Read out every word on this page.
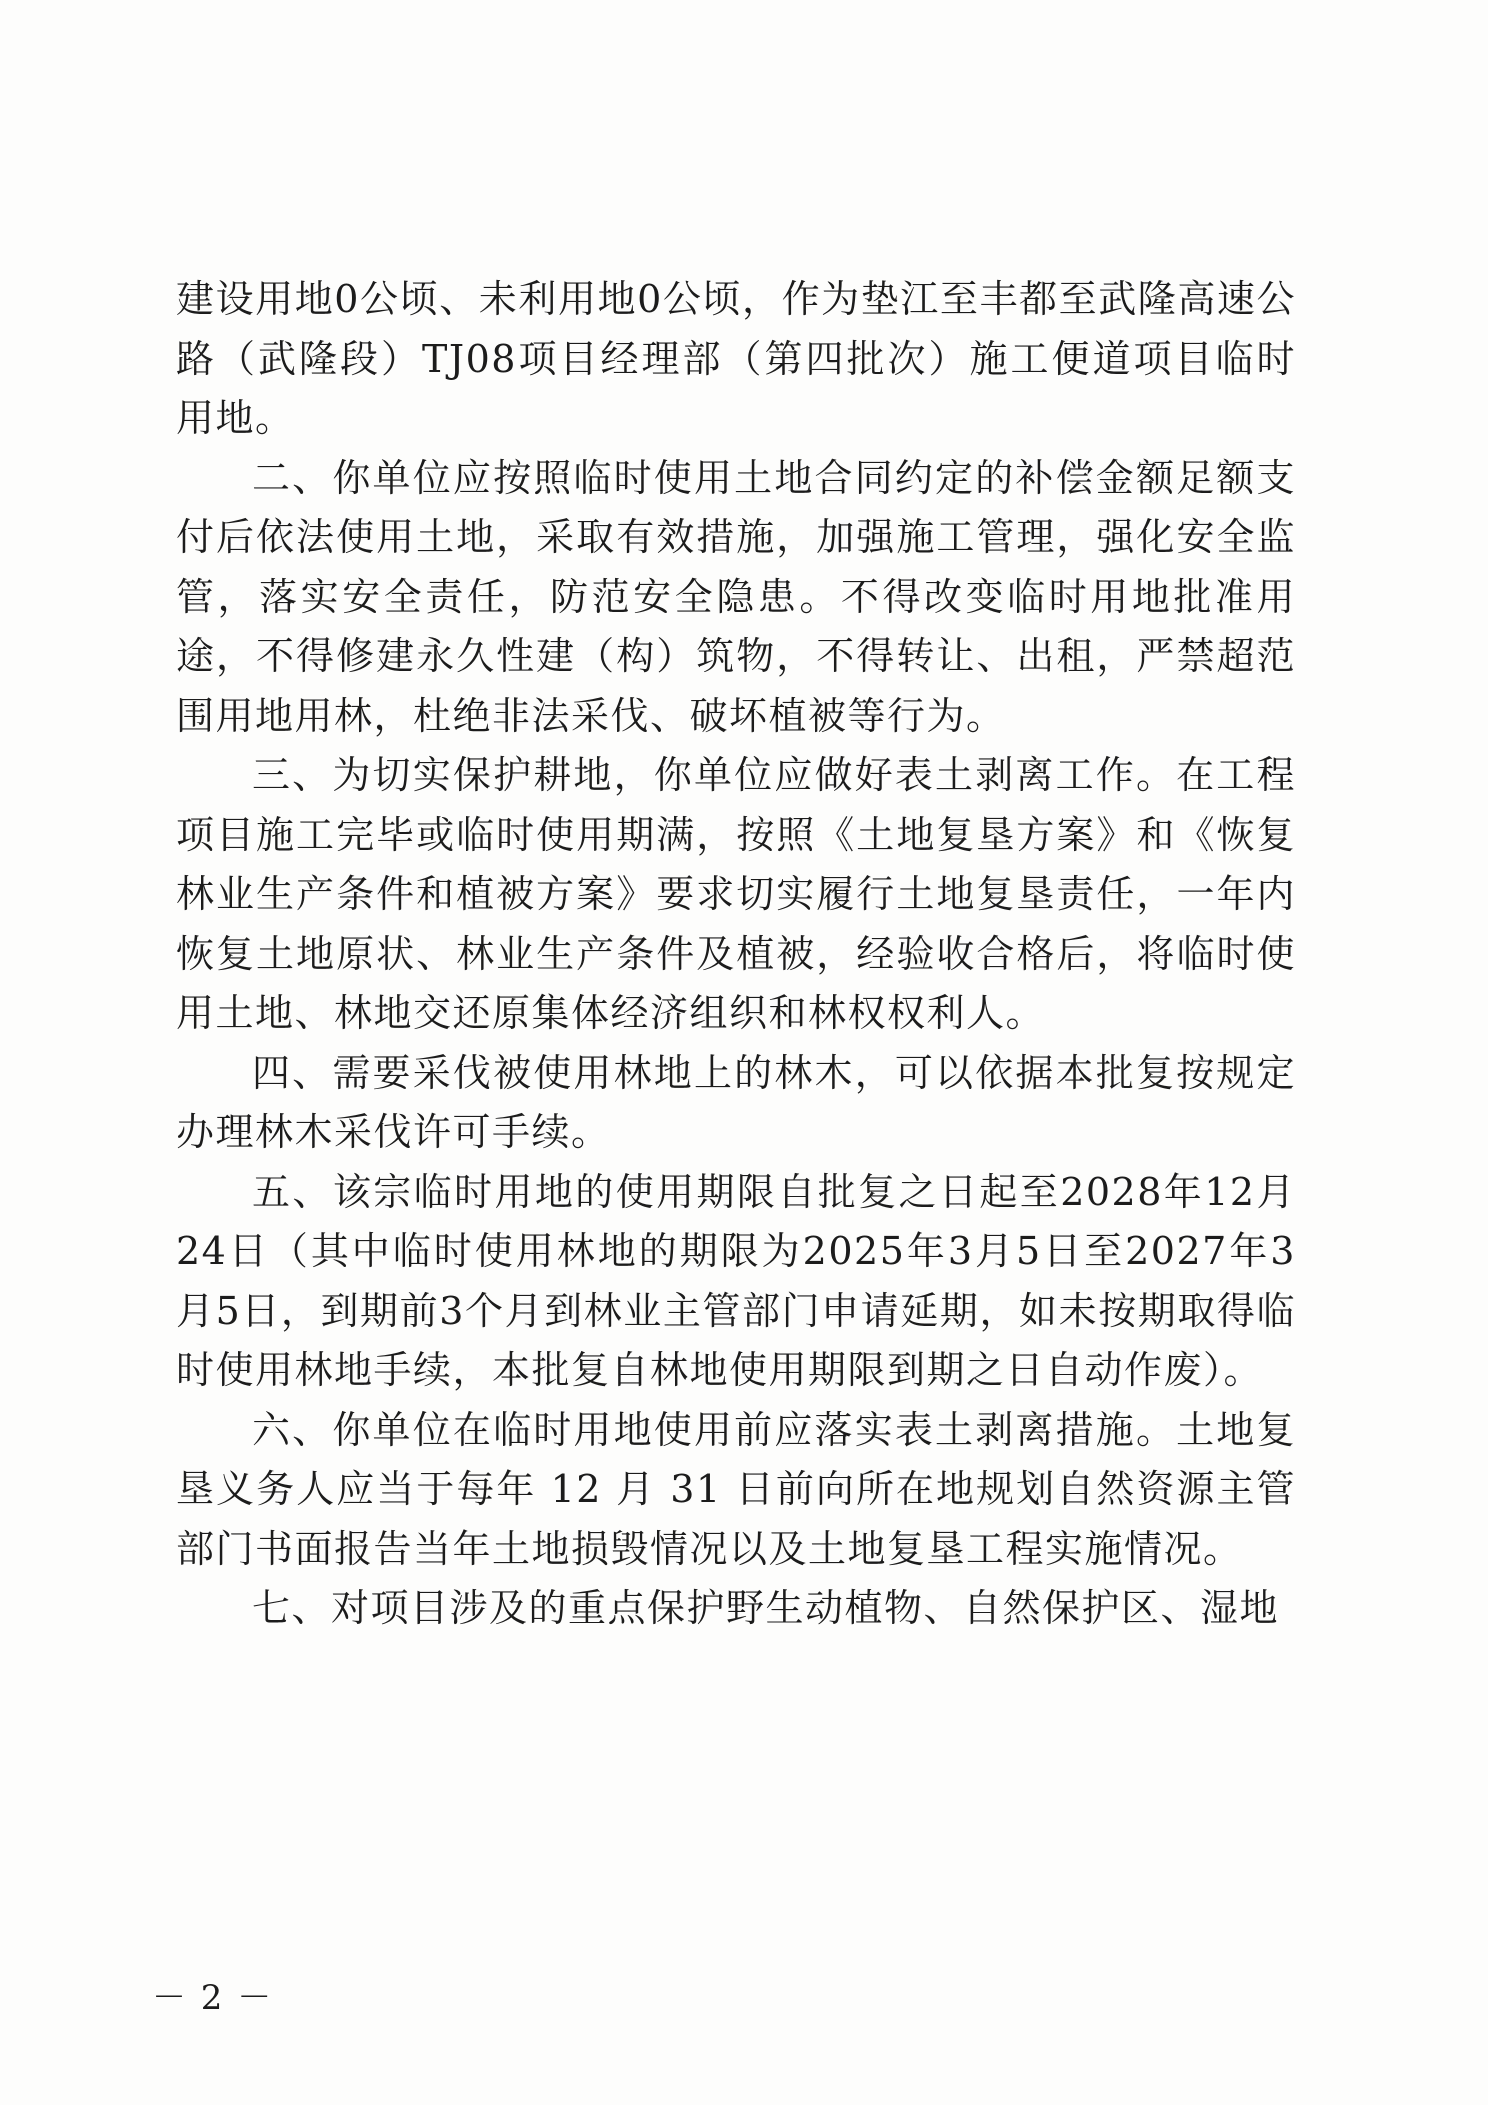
建设用地0公顷、未利用地0公顷，作为垫江至丰都至武隆高速公路（武隆段）TJ08项目经理部（第四批次）施工便道项目临时用地。

二、你单位应按照临时使用土地合同约定的补偿金额足额支付后依法使用土地，采取有效措施，加强施工管理，强化安全监管，落实安全责任，防范安全隐患。不得改变临时用地批准用途，不得修建永久性建（构）筑物，不得转让、出租，严禁超范围用地用林，杜绝非法采伐、破坏植被等行为。

三、为切实保护耕地，你单位应做好表土剥离工作。在工程项目施工完毕或临时使用期满，按照《土地复垦方案》和《恢复林业生产条件和植被方案》要求切实履行土地复垦责任，一年内恢复土地原状、林业生产条件及植被，经验收合格后，将临时使用土地、林地交还原集体经济组织和林权权利人。

四、需要采伐被使用林地上的林木，可以依据本批复按规定办理林木采伐许可手续。

五、该宗临时用地的使用期限自批复之日起至2028年12月24日（其中临时使用林地的期限为2025年3月5日至2027年3月5日，到期前3个月到林业主管部门申请延期，如未按期取得临时使用林地手续，本批复自林地使用期限到期之日自动作废）。

六、你单位在临时用地使用前应落实表土剥离措施。土地复垦义务人应当于每年 12 月 31 日前向所在地规划自然资源主管部门书面报告当年土地损毁情况以及土地复垦工程实施情况。

七、对项目涉及的重点保护野生动植物、自然保护区、湿地

－ 2 －
